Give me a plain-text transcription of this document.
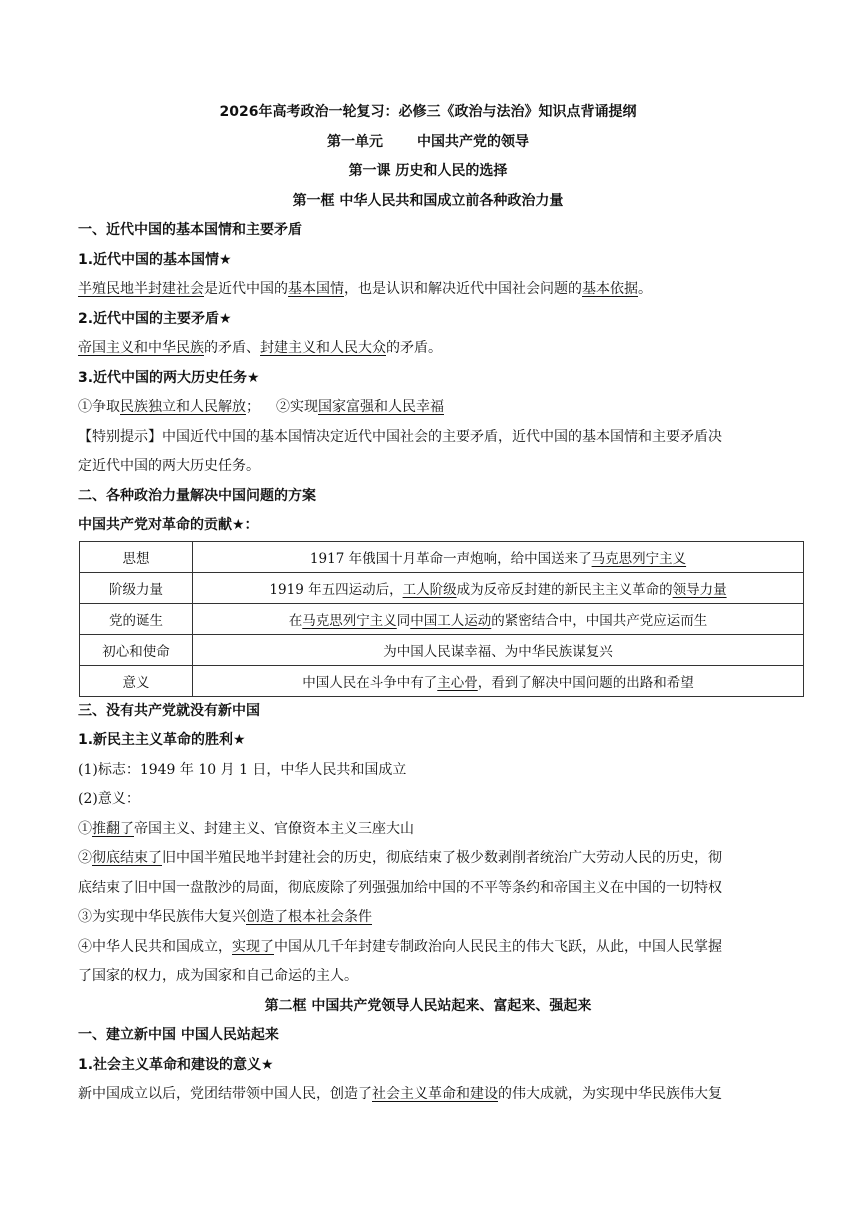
2026年高考政治一轮复习：必修三《政治与法治》知识点背诵提纲
第一单元 中国共产党的领导
第一课 历史和人民的选择
第一框 中华人民共和国成立前各种政治力量
一、近代中国的基本国情和主要矛盾
1.近代中国的基本国情★
半殖民地半封建社会是近代中国的基本国情，也是认识和解决近代中国社会问题的基本依据。
2.近代中国的主要矛盾★
帝国主义和中华民族的矛盾、封建主义和人民大众的矛盾。
3.近代中国的两大历史任务★
①争取民族独立和人民解放； ②实现国家富强和人民幸福
【特别提示】中国近代中国的基本国情决定近代中国社会的主要矛盾，近代中国的基本国情和主要矛盾决
定近代中国的两大历史任务。
二、各种政治力量解决中国问题的方案
中国共产党对革命的贡献★：
思想	1917 年俄国十月革命一声炮响，给中国送来了马克思列宁主义
阶级力量	1919 年五四运动后，工人阶级成为反帝反封建的新民主主义革命的领导力量
党的诞生	在马克思列宁主义同中国工人运动的紧密结合中，中国共产党应运而生
初心和使命	为中国人民谋幸福、为中华民族谋复兴
意义	中国人民在斗争中有了主心骨，看到了解决中国问题的出路和希望
三、没有共产党就没有新中国
1.新民主主义革命的胜利★
(1)标志：1949 年 10 月 1 日，中华人民共和国成立
(2)意义：
①推翻了帝国主义、封建主义、官僚资本主义三座大山
②彻底结束了旧中国半殖民地半封建社会的历史，彻底结束了极少数剥削者统治广大劳动人民的历史，彻
底结束了旧中国一盘散沙的局面，彻底废除了列强强加给中国的不平等条约和帝国主义在中国的一切特权
③为实现中华民族伟大复兴创造了根本社会条件
④中华人民共和国成立，实现了中国从几千年封建专制政治向人民民主的伟大飞跃，从此，中国人民掌握
了国家的权力，成为国家和自己命运的主人。
第二框 中国共产党领导人民站起来、富起来、强起来
一、建立新中国 中国人民站起来
1.社会主义革命和建设的意义★
新中国成立以后，党团结带领中国人民，创造了社会主义革命和建设的伟大成就，为实现中华民族伟大复
